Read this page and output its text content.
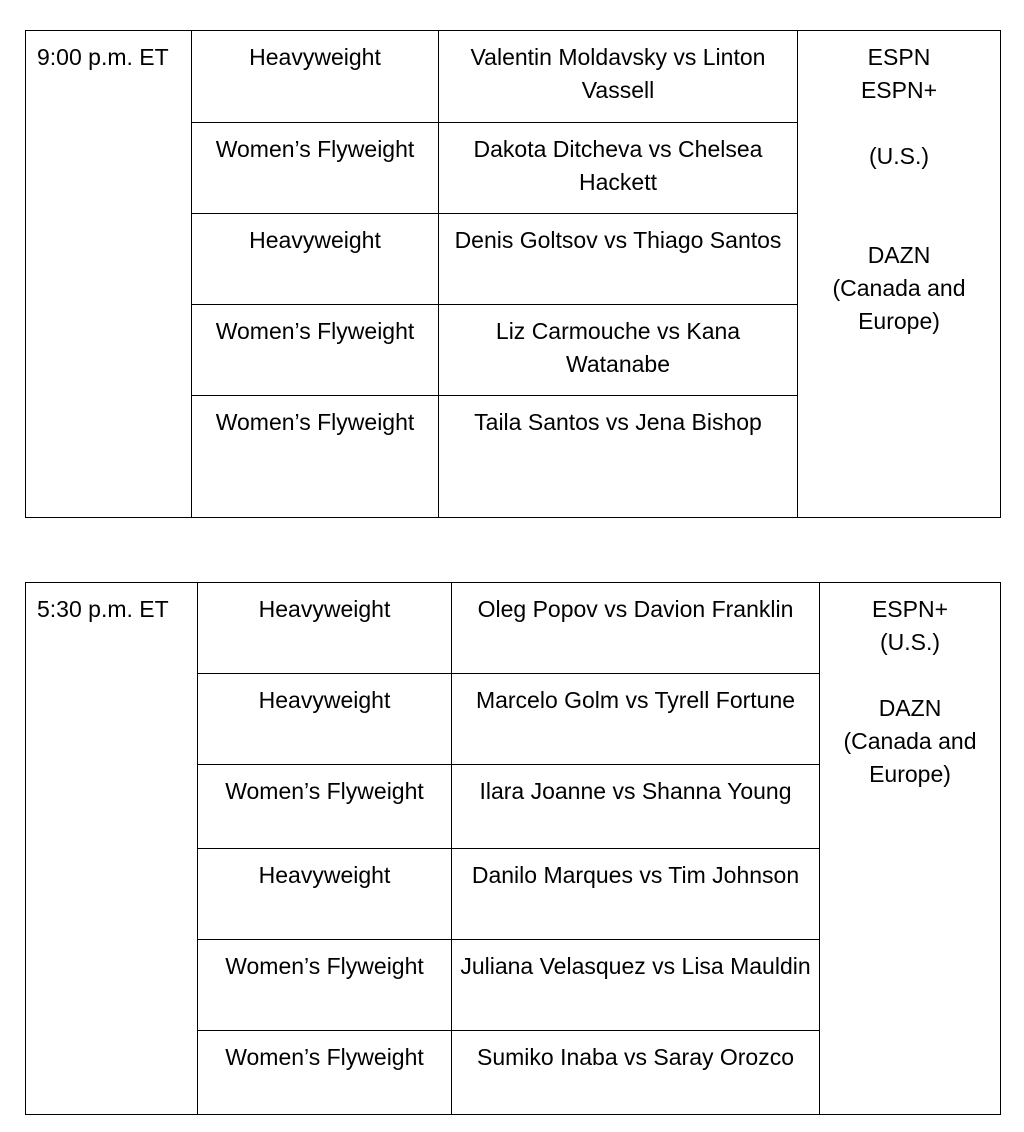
9:00 p.m. ET	Heavyweight	Valentin Moldavsky vs Linton Vassell	ESPN
ESPN+

(U.S.)

DAZN
(Canada and Europe)
	Women’s Flyweight	Dakota Ditcheva vs Chelsea Hackett	
	Heavyweight	Denis Goltsov vs Thiago Santos	
	Women’s Flyweight	Liz Carmouche vs Kana Watanabe	
	Women’s Flyweight	Taila Santos vs Jena Bishop	
5:30 p.m. ET	Heavyweight	Oleg Popov vs Davion Franklin	ESPN+
(U.S.)

DAZN
(Canada and Europe)
	Heavyweight	Marcelo Golm vs Tyrell Fortune	
	Women’s Flyweight	Ilara Joanne vs Shanna Young	
	Heavyweight	Danilo Marques vs Tim Johnson	
	Women’s Flyweight	Juliana Velasquez vs Lisa Mauldin	
	Women’s Flyweight	Sumiko Inaba vs Saray Orozco	
